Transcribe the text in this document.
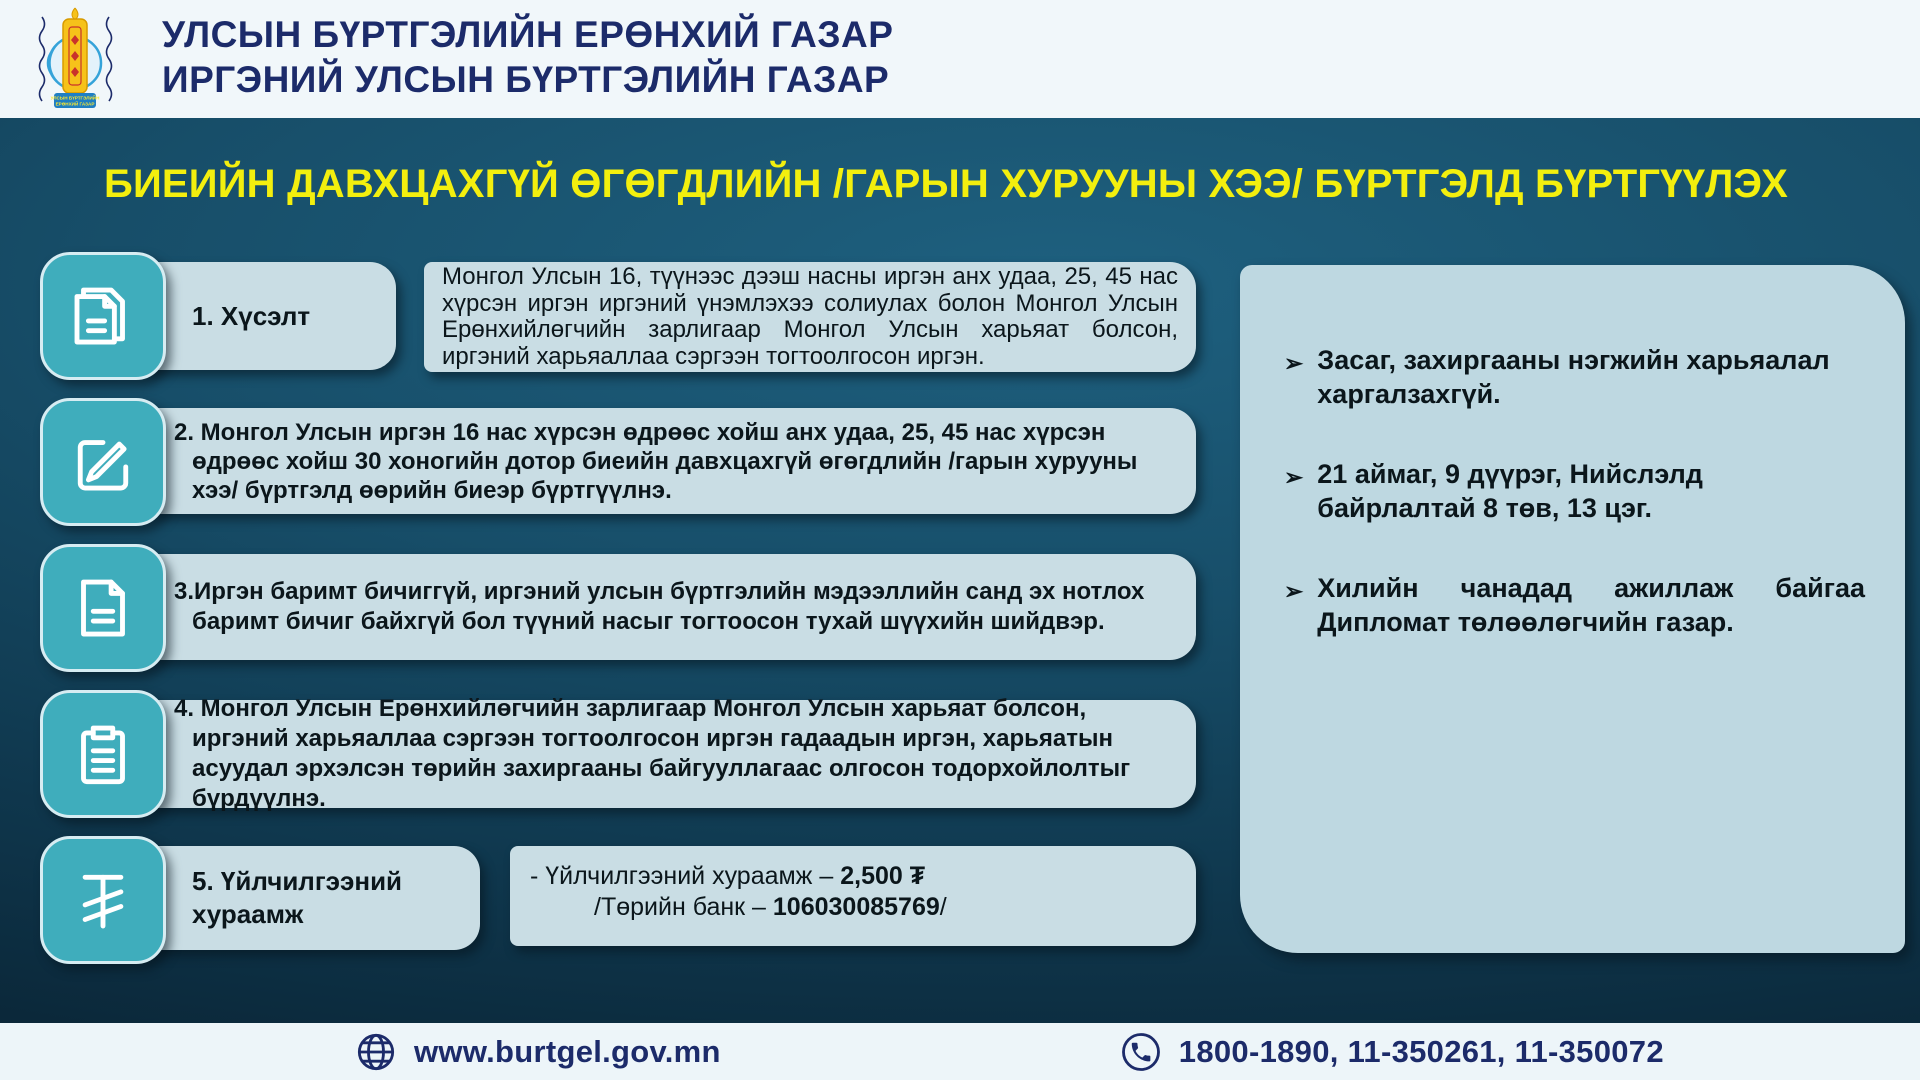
УЛСЫН БҮРТГЭЛИЙН
ЕРӨНХИЙ ГАЗАР
УЛСЫН БҮРТГЭЛИЙН ЕРӨНХИЙ ГАЗАР
ИРГЭНИЙ УЛСЫН БҮРТГЭЛИЙН ГАЗАР
БИЕИЙН ДАВХЦАХГҮЙ ӨГӨГДЛИЙН /ГАРЫН ХУРУУНЫ ХЭЭ/ БҮРТГЭЛД БҮРТГҮҮЛЭХ
1. Хүсэлт
Монгол Улсын 16, түүнээс дээш насны иргэн анх удаа, 25, 45 нас хүрсэн иргэн иргэний үнэмлэхээ солиулах болон Монгол Улсын Ерөнхийлөгчийн зарлигаар Монгол Улсын харьяат болсон, иргэний харьяаллаа сэргээн тогтоолгосон иргэн.
2. Монгол Улсын иргэн 16 нас хүрсэн өдрөөс хойш анх удаа, 25, 45 нас хүрсэн өдрөөс хойш 30 хоногийн дотор биеийн давхцахгүй өгөгдлийн /гарын хурууны хээ/ бүртгэлд өөрийн биеэр бүртгүүлнэ.
3.Иргэн баримт бичиггүй, иргэний улсын бүртгэлийн мэдээллийн санд эх нотлох баримт бичиг байхгүй бол түүний насыг тогтоосон тухай шүүхийн шийдвэр.
4. Монгол Улсын Ерөнхийлөгчийн зарлигаар Монгол Улсын харьяат болсон, иргэний харьяаллаа сэргээн тогтоолгосон иргэн гадаадын иргэн, харьяатын асуудал эрхэлсэн төрийн захиргааны байгууллагаас олгосон тодорхойлолтыг бүрдүүлнэ.
5. Үйлчилгээний хураамж
- Үйлчилгээний хураамж – 2,500 ₮
/Төрийн банк – 106030085769/
➢ Засаг, захиргааны нэгжийн харьяалал харгалзахгүй.
➢ 21 аймаг, 9 дүүрэг, Нийслэлд байрлалтай 8 төв, 13 цэг.
➢ Хилийн чанадад ажиллаж байгаа Дипломат төлөөлөгчийн газар.
www.burtgel.gov.mn	1800-1890, 11-350261, 11-350072
